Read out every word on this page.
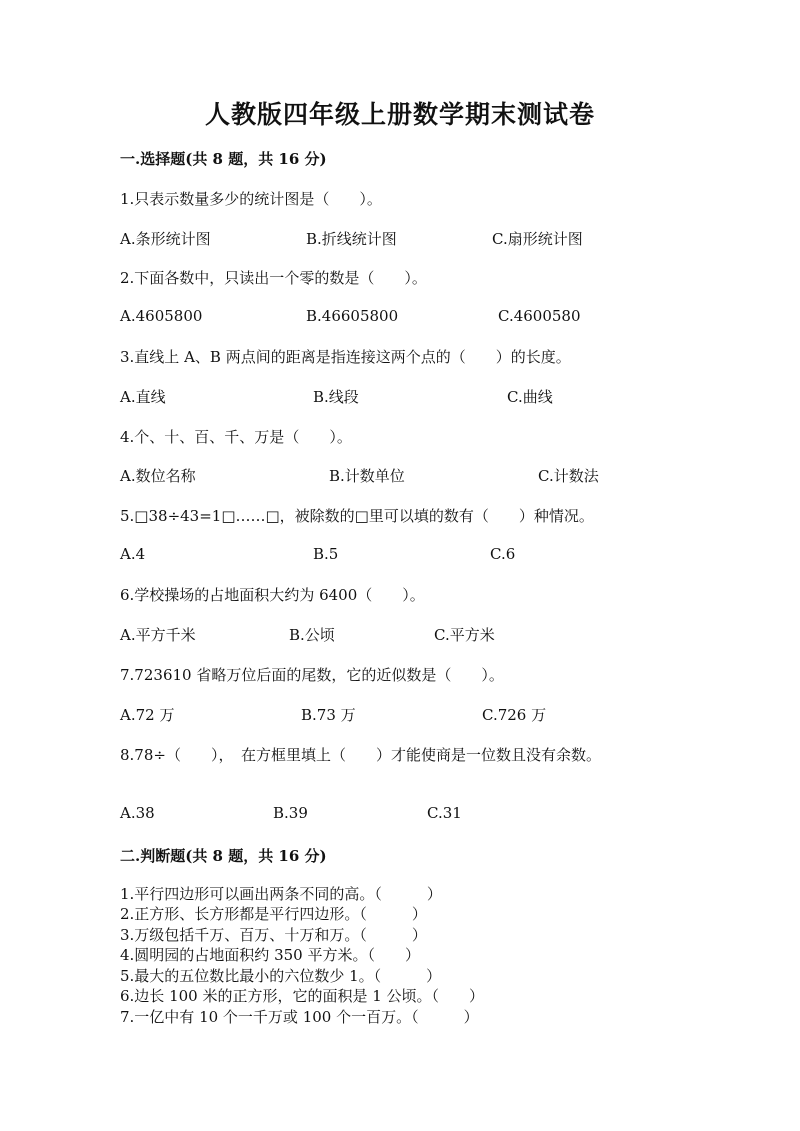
人教版四年级上册数学期末测试卷
一.选择题(共 8 题，共 16 分)
1.只表示数量多少的统计图是（　　）。
A.条形统计图	B.折线统计图	C.扇形统计图
2.下面各数中，只读出一个零的数是（　　）。
A.4605800	B.46605800	C.4600580
3.直线上 A、B 两点间的距离是指连接这两个点的（　　）的长度。
A.直线	B.线段	C.曲线
4.个、十、百、千、万是（　　）。
A.数位名称	B.计数单位	C.计数法
5.□38÷43=1□……□，被除数的□里可以填的数有（　　）种情况。
A.4	B.5	C.6
6.学校操场的占地面积大约为 6400（　　）。
A.平方千米	B.公顷	C.平方米
7.723610 省略万位后面的尾数，它的近似数是（　　）。
A.72 万	B.73 万	C.726 万
8.78÷（　　），　在方框里填上（　　）才能使商是一位数且没有余数。
A.38	B.39	C.31
二.判断题(共 8 题，共 16 分)
1.平行四边形可以画出两条不同的高。（　　　）
2.正方形、长方形都是平行四边形。（　　　）
3.万级包括千万、百万、十万和万。（　　　）
4.圆明园的占地面积约 350 平方米。（　　）
5.最大的五位数比最小的六位数少 1。（　　　）
6.边长 100 米的正方形，它的面积是 1 公顷。（　　）
7.一亿中有 10 个一千万或 100 个一百万。（　　　）
